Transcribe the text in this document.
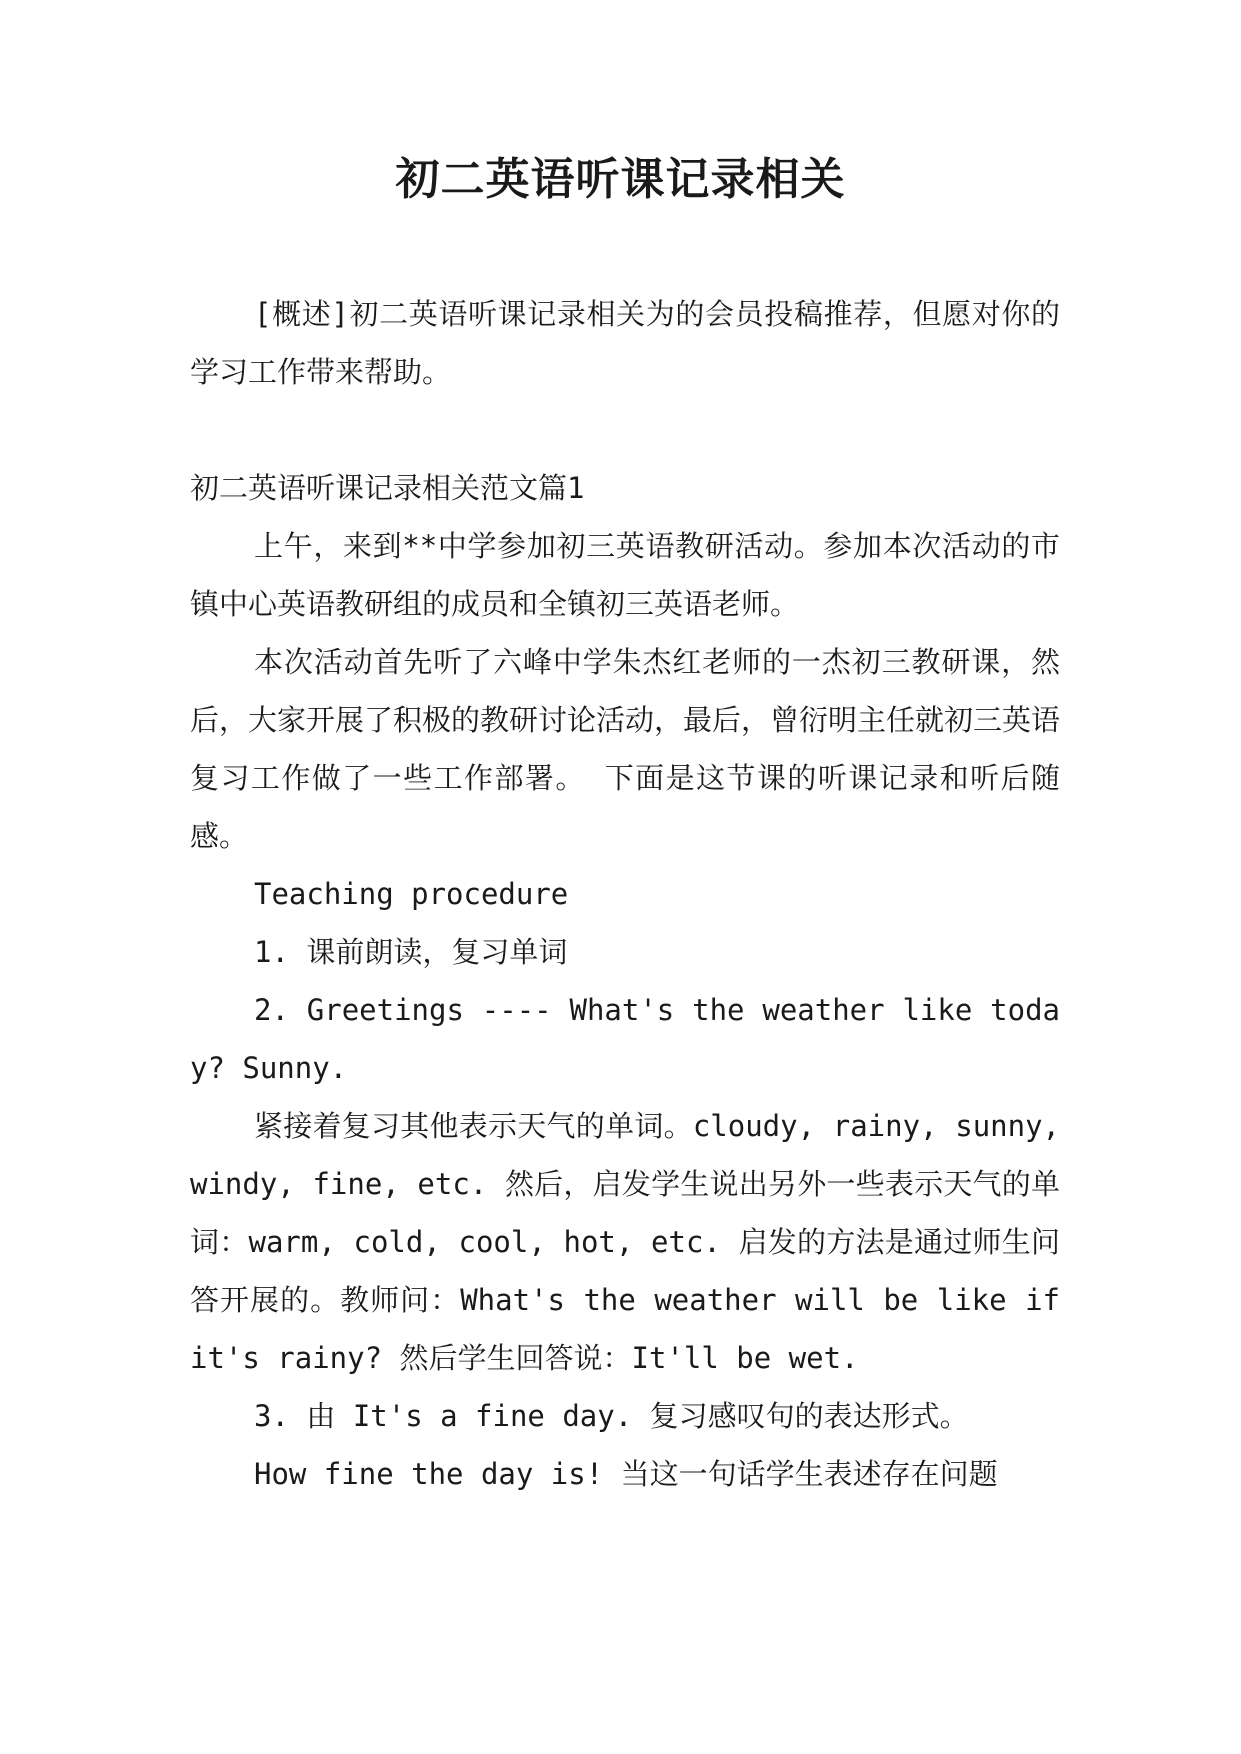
初二英语听课记录相关

[概述]初二英语听课记录相关为的会员投稿推荐，但愿对你的学习工作带来帮助。

初二英语听课记录相关范文篇1

上午，来到**中学参加初三英语教研活动。参加本次活动的市镇中心英语教研组的成员和全镇初三英语老师。

本次活动首先听了六峰中学朱杰红老师的一杰初三教研课，然后，大家开展了积极的教研讨论活动，最后，曾衍明主任就初三英语复习工作做了一些工作部署。 下面是这节课的听课记录和听后随感。

Teaching procedure

1. 课前朗读，复习单词

2. Greetings ---- What's the weather like today? Sunny.

紧接着复习其他表示天气的单词。cloudy, rainy, sunny, windy, fine, etc. 然后，启发学生说出另外一些表示天气的单词：warm, cold, cool, hot, etc. 启发的方法是通过师生问答开展的。教师问：What's the weather will be like if it's rainy? 然后学生回答说：It'll be wet.

3. 由 It's a fine day. 复习感叹句的表达形式。

How fine the day is! 当这一句话学生表述存在问题
